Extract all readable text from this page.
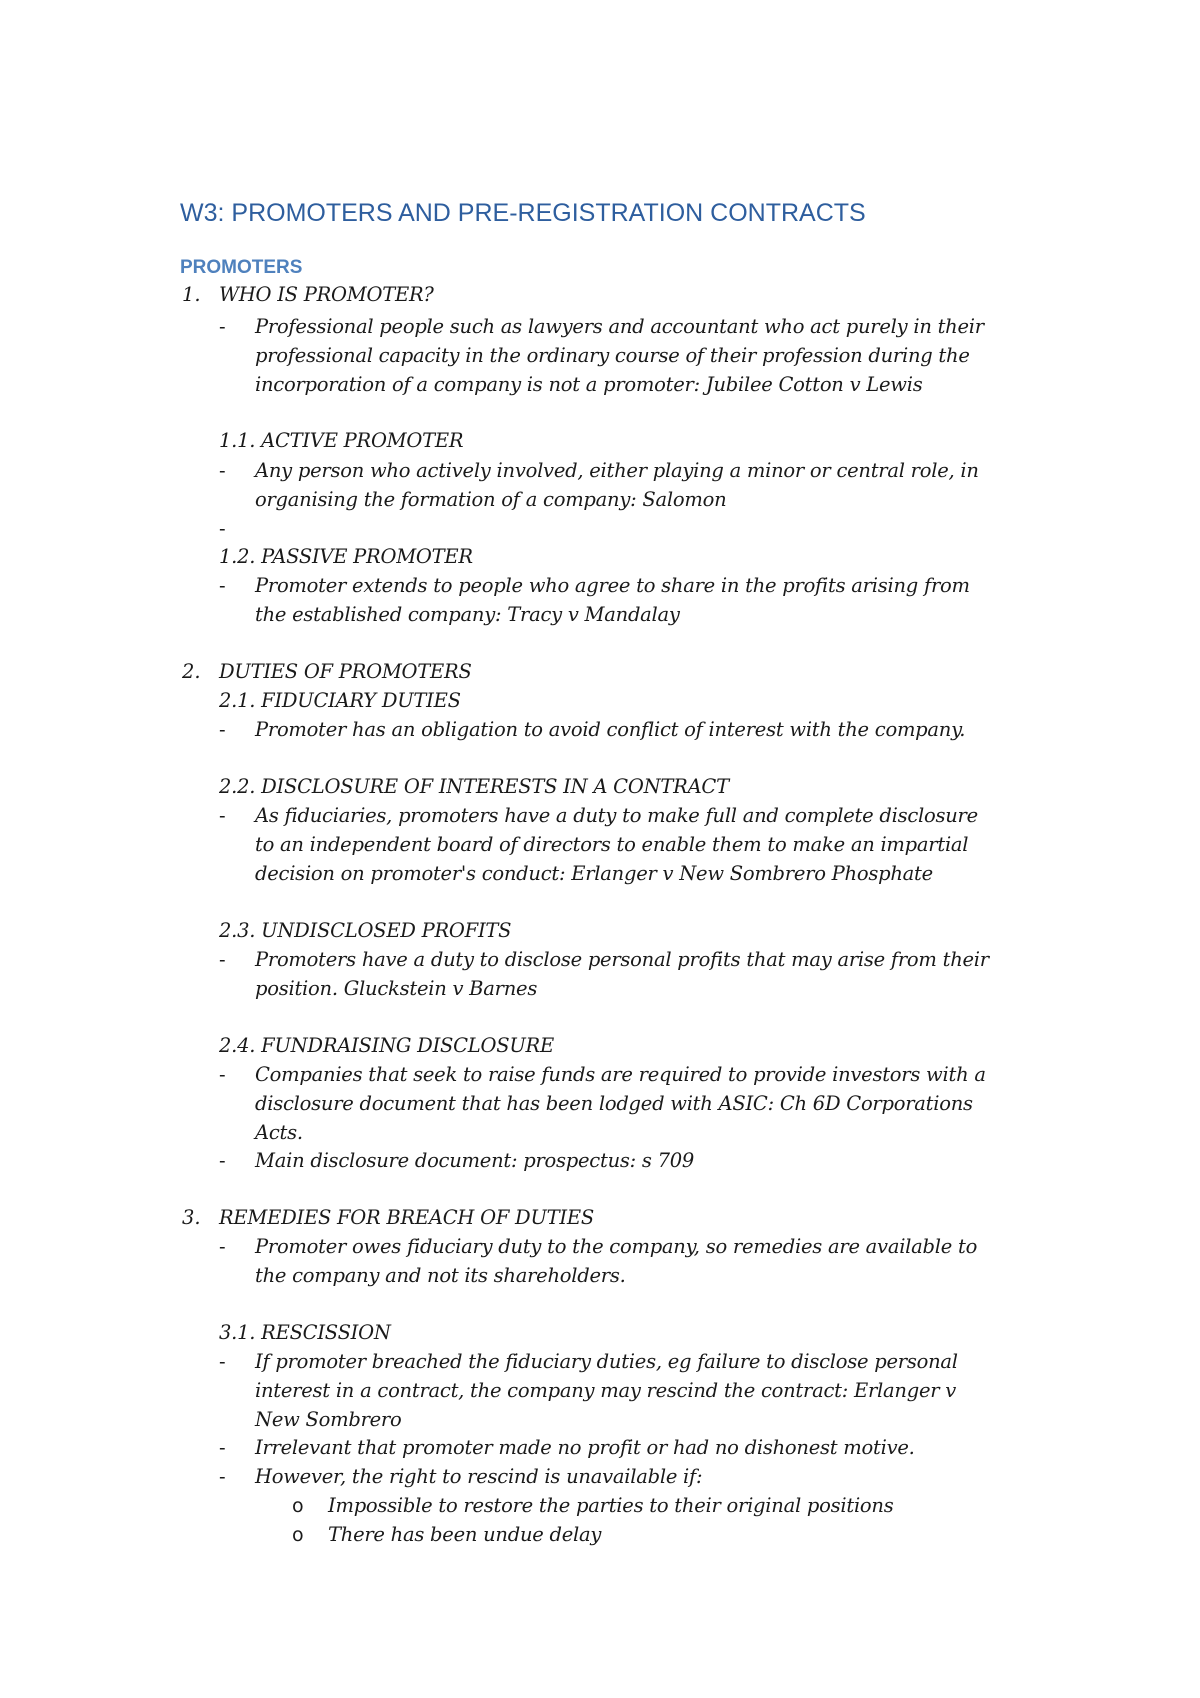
W3: PROMOTERS AND PRE-REGISTRATION CONTRACTS
PROMOTERS
1. WHO IS PROMOTER?
- Professional people such as lawyers and accountant who act purely in their
professional capacity in the ordinary course of their profession during the
incorporation of a company is not a promoter: Jubilee Cotton v Lewis
1.1. ACTIVE PROMOTER
- Any person who actively involved, either playing a minor or central role, in
organising the formation of a company: Salomon
-
1.2. PASSIVE PROMOTER
- Promoter extends to people who agree to share in the profits arising from
the established company: Tracy v Mandalay
2. DUTIES OF PROMOTERS
2.1. FIDUCIARY DUTIES
- Promoter has an obligation to avoid conflict of interest with the company.
2.2. DISCLOSURE OF INTERESTS IN A CONTRACT
- As fiduciaries, promoters have a duty to make full and complete disclosure
to an independent board of directors to enable them to make an impartial
decision on promoter's conduct: Erlanger v New Sombrero Phosphate
2.3. UNDISCLOSED PROFITS
- Promoters have a duty to disclose personal profits that may arise from their
position. Gluckstein v Barnes
2.4. FUNDRAISING DISCLOSURE
- Companies that seek to raise funds are required to provide investors with a
disclosure document that has been lodged with ASIC: Ch 6D Corporations
Acts.
- Main disclosure document: prospectus: s 709
3. REMEDIES FOR BREACH OF DUTIES
- Promoter owes fiduciary duty to the company, so remedies are available to
the company and not its shareholders.
3.1. RESCISSION
- If promoter breached the fiduciary duties, eg failure to disclose personal
interest in a contract, the company may rescind the contract: Erlanger v
New Sombrero
- Irrelevant that promoter made no profit or had no dishonest motive.
- However, the right to rescind is unavailable if:
o Impossible to restore the parties to their original positions
o There has been undue delay
